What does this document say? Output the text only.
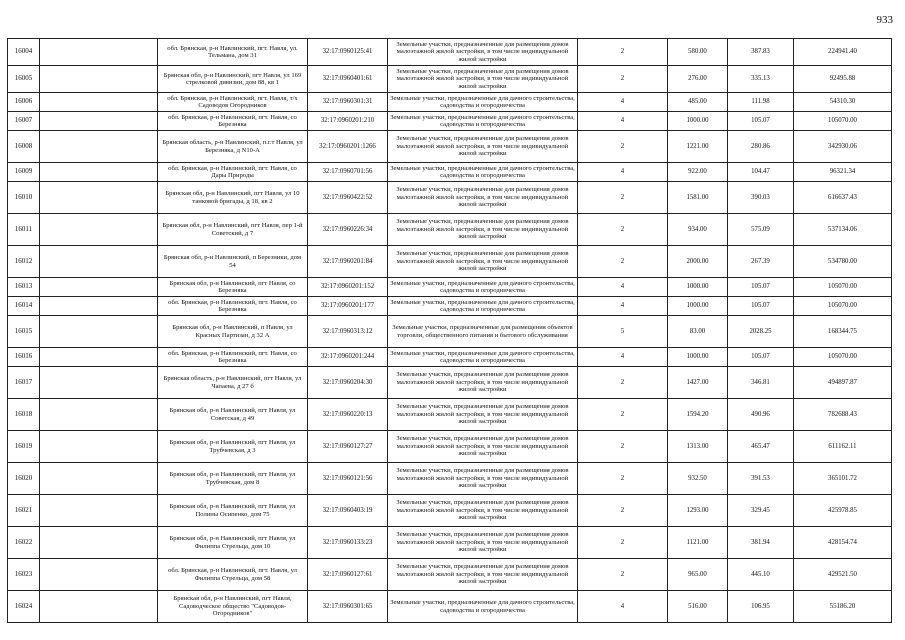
933
16004		обл. Брянская, р-н Навлинский, пгт. Навля, ул. Тельмана, дом 31	32:17:0960125:41	Земельные участки, предназначенные для размещения домов малоэтажной жилой застройки, в том числе индивидуальной жилой застройки	2	580.00	387.83	224941.40
16005		Брянская обл, р-н Навлинский, пгт Навля, ул 169 стрелковой дивизии, дом 88, кв 1	32:17:0960401:61	Земельные участки, предназначенные для размещения домов малоэтажной жилой застройки, в том числе индивидуальной жилой застройки	2	276.00	335.13	92495.88
16006		обл. Брянская, р-н Навлинский, пгт. Навля, т/х Садоводов Огородников	32:17:0960301:31	Земельные участки, предназначенные для дачного строительства, садоводства и огородничества	4	485.00	111.98	54310.30
16007		обл. Брянская, р-н Навлинский, пгт. Навля, со Березняка	32:17:0960201:210	Земельные участки, предназначенные для дачного строительства, садоводства и огородничества	4	1000.00	105.07	105070.00
16008		Брянская область, р-н Навлинский, п.г.т Навля, ул Березняка, д N10-А	32:17:0960201:1266	Земельные участки, предназначенные для размещения домов малоэтажной жилой застройки, в том числе индивидуальной жилой застройки	2	1221.00	280.86	342930.06
16009		обл. Брянская, р-н Навлинский, пгт. Навля, со Дары Природы	32:17:0960701:56	Земельные участки, предназначенные для дачного строительства, садоводства и огородничества	4	922.00	104.47	96321.34
16010		Брянская обл, р-н Навлинский, пгт Навля, ул 10 танковой бригады, д 18, кв 2	32:17:0960422:52	Земельные участки, предназначенные для размещения домов малоэтажной жилой застройки, в том числе индивидуальной жилой застройки	2	1581.00	390.03	616637.43
16011		Брянская обл, р-н Навлинский, пгт Навля, пер 1-й Советский, д 7	32:17:0960226:34	Земельные участки, предназначенные для размещения домов малоэтажной жилой застройки, в том числе индивидуальной жилой застройки	2	934.00	575.09	537134.06
16012		Брянская обл, р-н Навлинский, п Березники, дом 54	32:17:0960201:84	Земельные участки, предназначенные для размещения домов малоэтажной жилой застройки, в том числе индивидуальной жилой застройки	2	2000.00	267.39	534780.00
16013		Брянская обл, р-н Навлинский, пгт Навля, со Березняка	32:17:0960201:152	Земельные участки, предназначенные для дачного строительства, садоводства и огородничества	4	1000.00	105.07	105070.00
16014		обл. Брянская, р-н Навлинский, пгт. Навля, со Березняка	32:17:0960201:177	Земельные участки, предназначенные для дачного строительства, садоводства и огородничества	4	1000.00	105.07	105070.00
16015		Брянская обл, р-н Навлинский, п Навля, ул Красных Партизан, д 32 А	32:17:0960313:12	Земельные участки, предназначенные для размещения объектов торговли, общественного питания и бытового обслуживания	5	83.00	2028.25	168344.75
16016		обл. Брянская, р-н Навлинский, пгт. Навля, со Березняка	32:17:0960201:244	Земельные участки, предназначенные для дачного строительства, садоводства и огородничества	4	1000.00	105.07	105070.00
16017		Брянская область, р-н Навлинский, пгт Навля, ул Чапаева, д 27 б	32:17:0960204:30	Земельные участки, предназначенные для размещения домов малоэтажной жилой застройки, в том числе индивидуальной жилой застройки	2	1427.00	346.81	494897.87
16018		Брянская обл, р-н Навлинский, пгт Навля, ул Советская, д 49	32:17:0960220:13	Земельные участки, предназначенные для размещения домов малоэтажной жилой застройки, в том числе индивидуальной жилой застройки	2	1594.20	490.96	782688.43
16019		Брянская обл, р-н Навлинский, пгт Навля, ул Трубчевская, д 3	32:17:0960127:27	Земельные участки, предназначенные для размещения домов малоэтажной жилой застройки, в том числе индивидуальной жилой застройки	2	1313.00	465.47	611162.11
16020		Брянская обл, р-н Навлинский, пгт Навля, ул Трубчевская, дом 8	32:17:0960121:56	Земельные участки, предназначенные для размещения домов малоэтажной жилой застройки, в том числе индивидуальной жилой застройки	2	932.50	391.53	365101.72
16021		Брянская обл, р-н Навлинский, пгт Навля, ул Полины Осипенко, дом 75	32:17:0960403:19	Земельные участки, предназначенные для размещения домов малоэтажной жилой застройки, в том числе индивидуальной жилой застройки	2	1293.00	329.45	425978.85
16022		Брянская обл, р-н Навлинский, пгт Навля, ул Филиппа Стрельца, дом 10	32:17:0960133:23	Земельные участки, предназначенные для размещения домов малоэтажной жилой застройки, в том числе индивидуальной жилой застройки	2	1121.00	381.94	428154.74
16023		обл. Брянская, р-н Навлинский, пгт. Навля, ул Филиппа Стрельца, дом 58	32:17:0960127:61	Земельные участки, предназначенные для размещения домов малоэтажной жилой застройки, в том числе индивидуальной жилой застройки	2	965.00	445.10	429521.50
16024		Брянская обл, р-н Навлинский, пгт Навля, Садоводческое общество "Садоводов-Огородников"	32:17:0960301:65	Земельные участки, предназначенные для дачного строительства, садоводства и огородничества	4	516.00	106.95	55186.20
